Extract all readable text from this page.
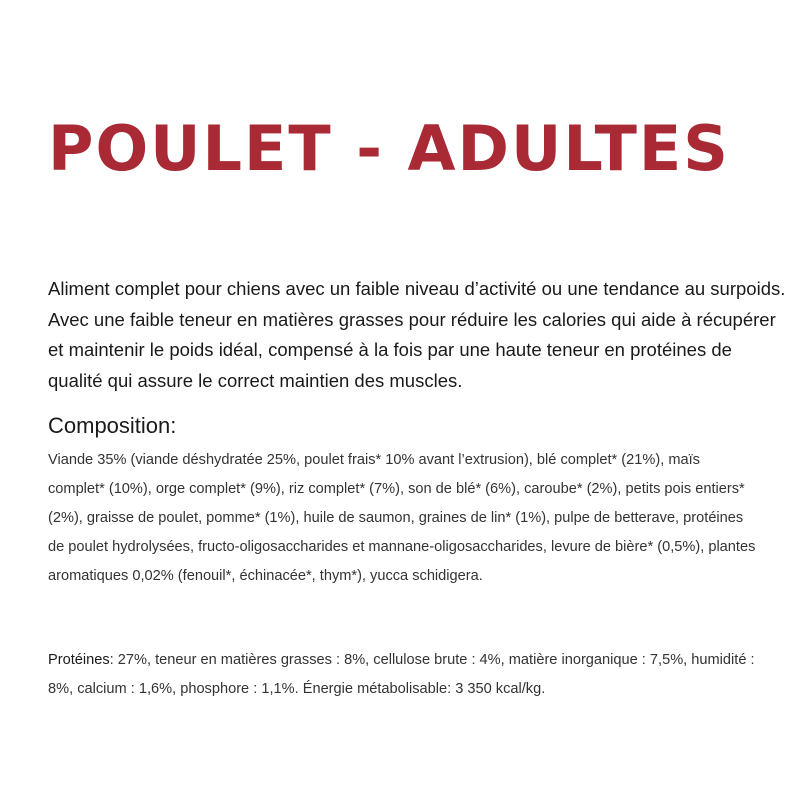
POULET - ADULTES

Aliment complet pour chiens avec un faible niveau d’activité ou une tendance au surpoids. Avec une faible teneur en matières grasses pour réduire les calories qui aide à récupérer et maintenir le poids idéal, compensé à la fois par une haute teneur en protéines de qualité qui assure le correct maintien des muscles.

Composition:

Viande 35% (viande déshydratée 25%, poulet frais* 10% avant l’extrusion), blé complet* (21%), maïs complet* (10%), orge complet* (9%), riz complet* (7%), son de blé* (6%), caroube* (2%), petits pois entiers* (2%), graisse de poulet, pomme* (1%), huile de saumon, graines de lin* (1%), pulpe de betterave, protéines de poulet hydrolysées, fructo-oligosaccharides et mannane-oligosaccharides, levure de bière* (0,5%), plantes aromatiques 0,02% (fenouil*, échinacée*, thym*), yucca schidigera.

Protéines: 27%, teneur en matières grasses : 8%, cellulose brute : 4%, matière inorganique : 7,5%, humidité : 8%, calcium : 1,6%, phosphore : 1,1%. Énergie métabolisable: 3 350 kcal/kg.
